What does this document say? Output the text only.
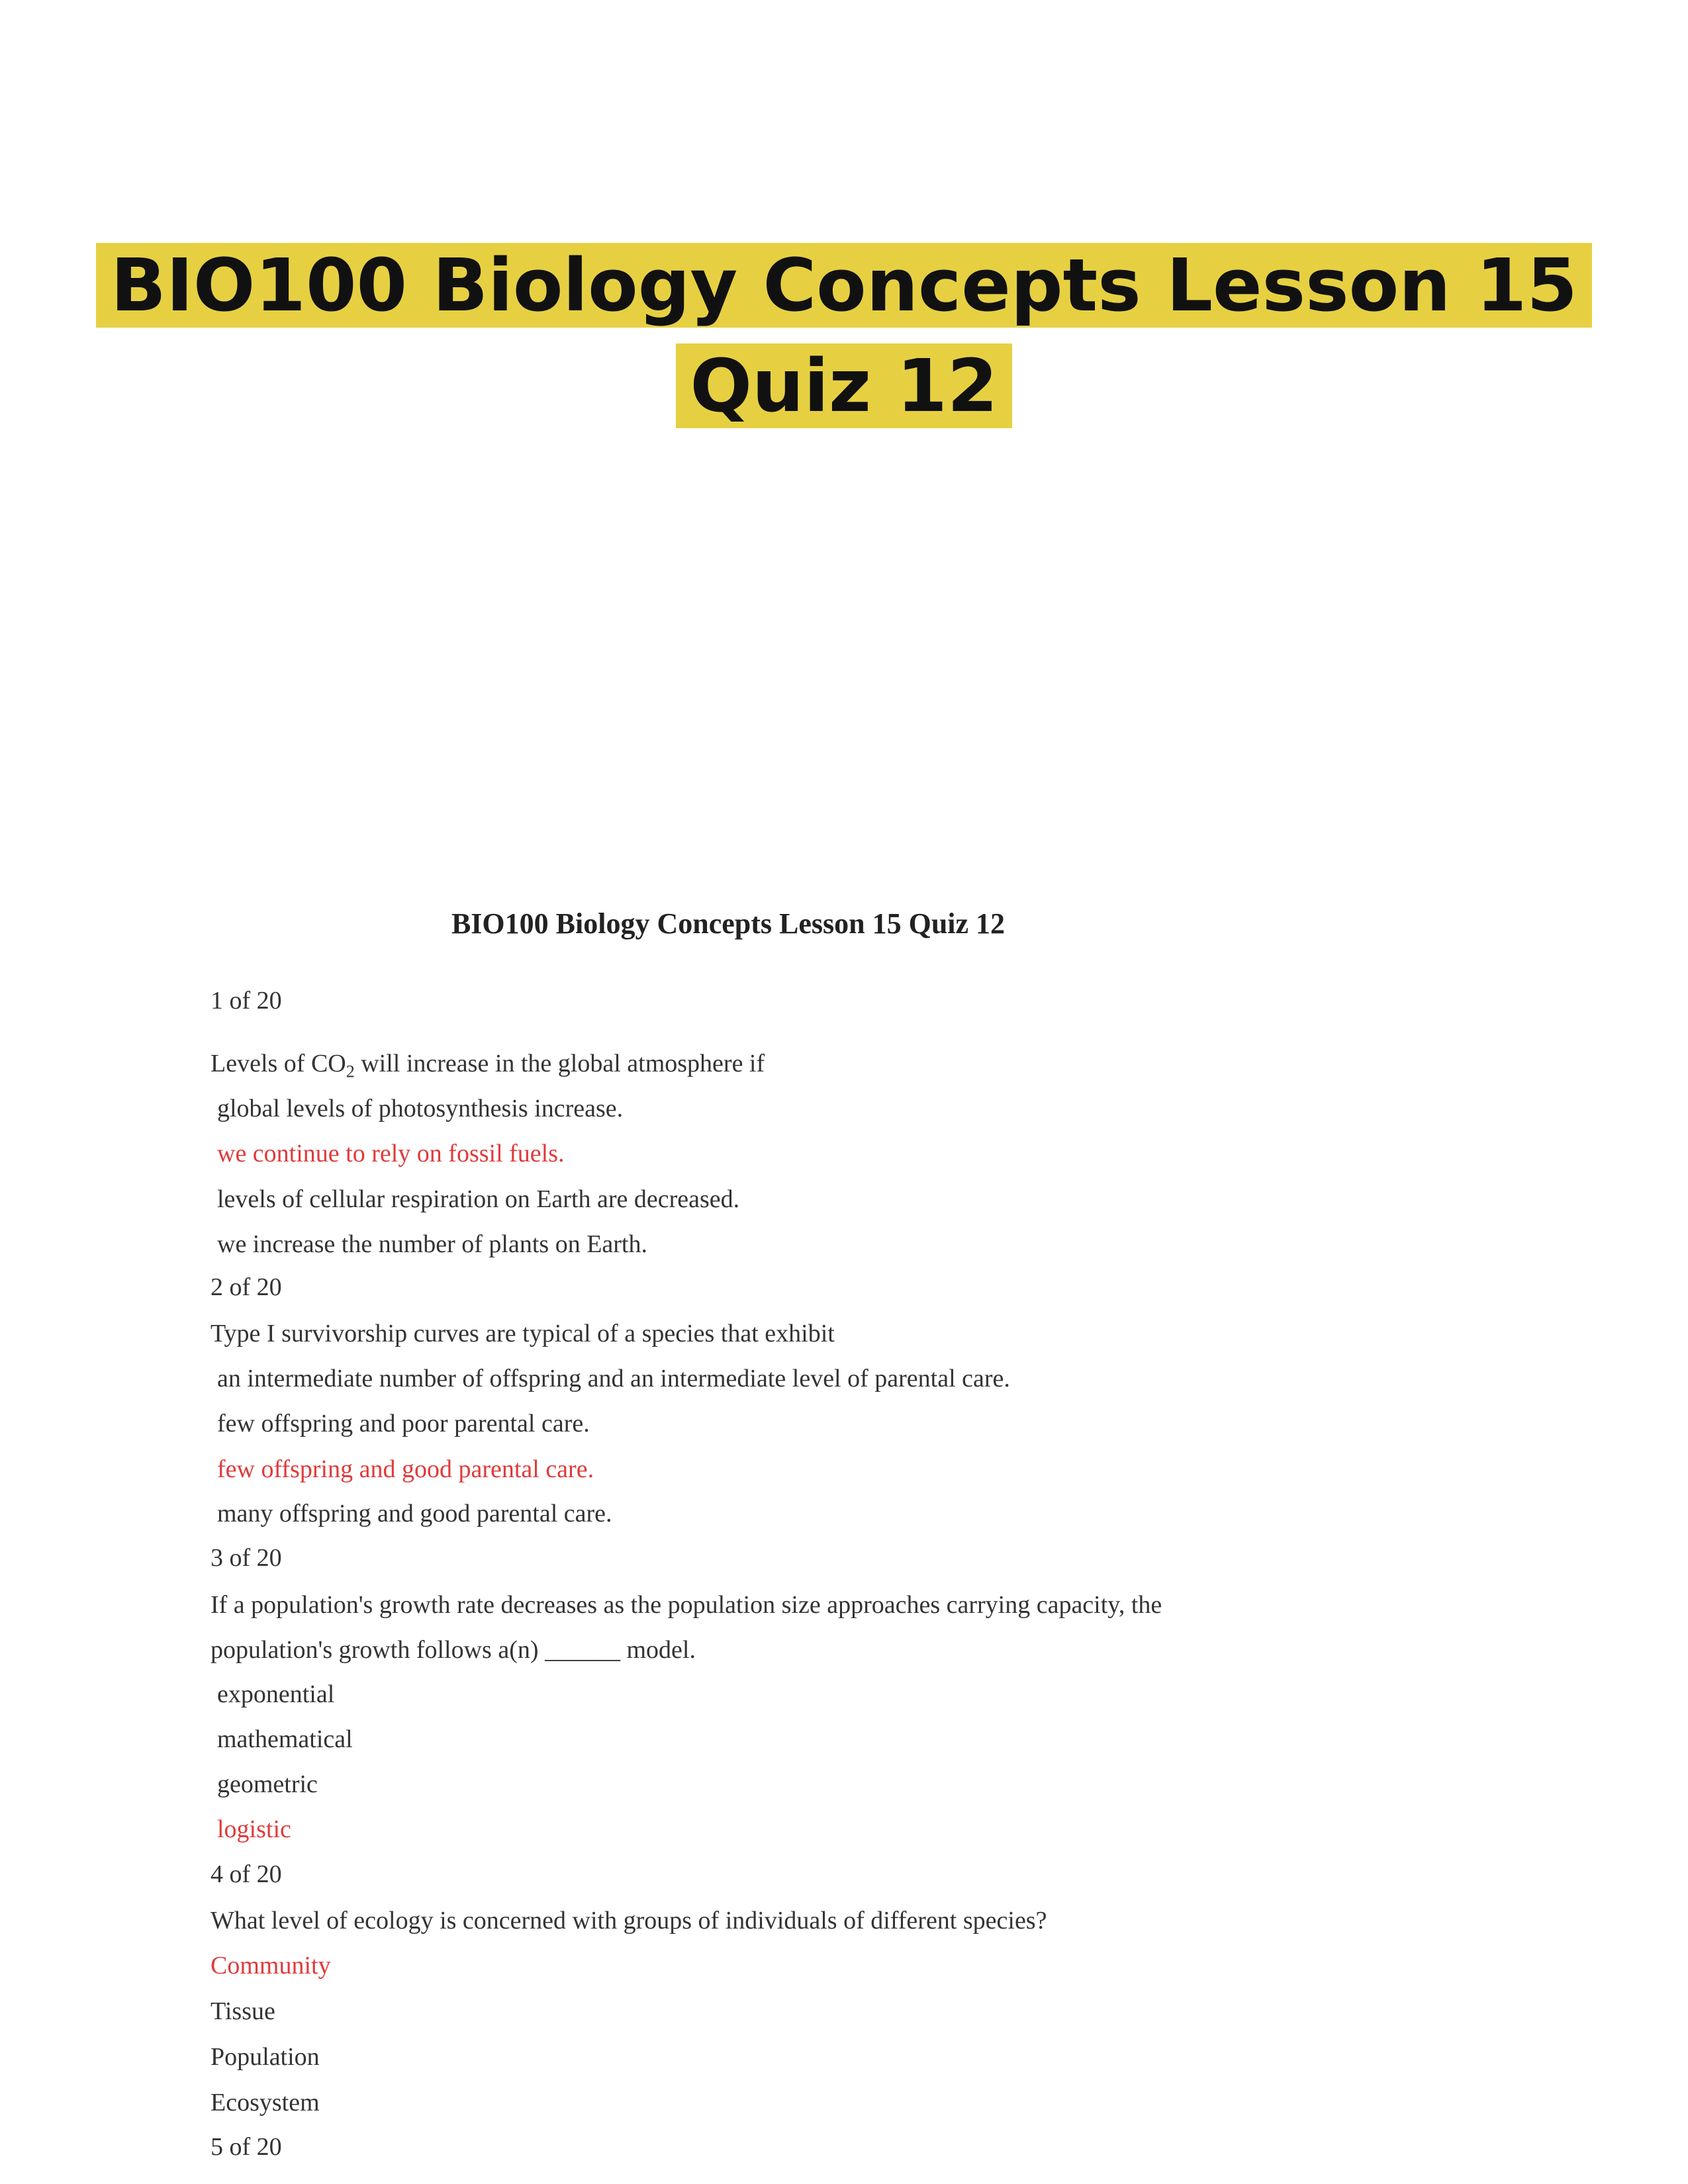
BIO100 Biology Concepts Lesson 15
Quiz 12
BIO100 Biology Concepts Lesson 15 Quiz 12
1 of 20
Levels of $CO_2$ will increase in the global atmosphere if
global levels of photosynthesis increase.
we continue to rely on fossil fuels.
levels of cellular respiration on Earth are decreased.
we increase the number of plants on Earth.
2 of 20
Type I survivorship curves are typical of a species that exhibit
an intermediate number of offspring and an intermediate level of parental care.
few offspring and poor parental care.
few offspring and good parental care.
many offspring and good parental care.
3 of 20
If a population's growth rate decreases as the population size approaches carrying capacity, the
population's growth follows a(n) ______ model.
exponential
mathematical
geometric
logistic
4 of 20
What level of ecology is concerned with groups of individuals of different species?
Community
Tissue
Population
Ecosystem
5 of 20
